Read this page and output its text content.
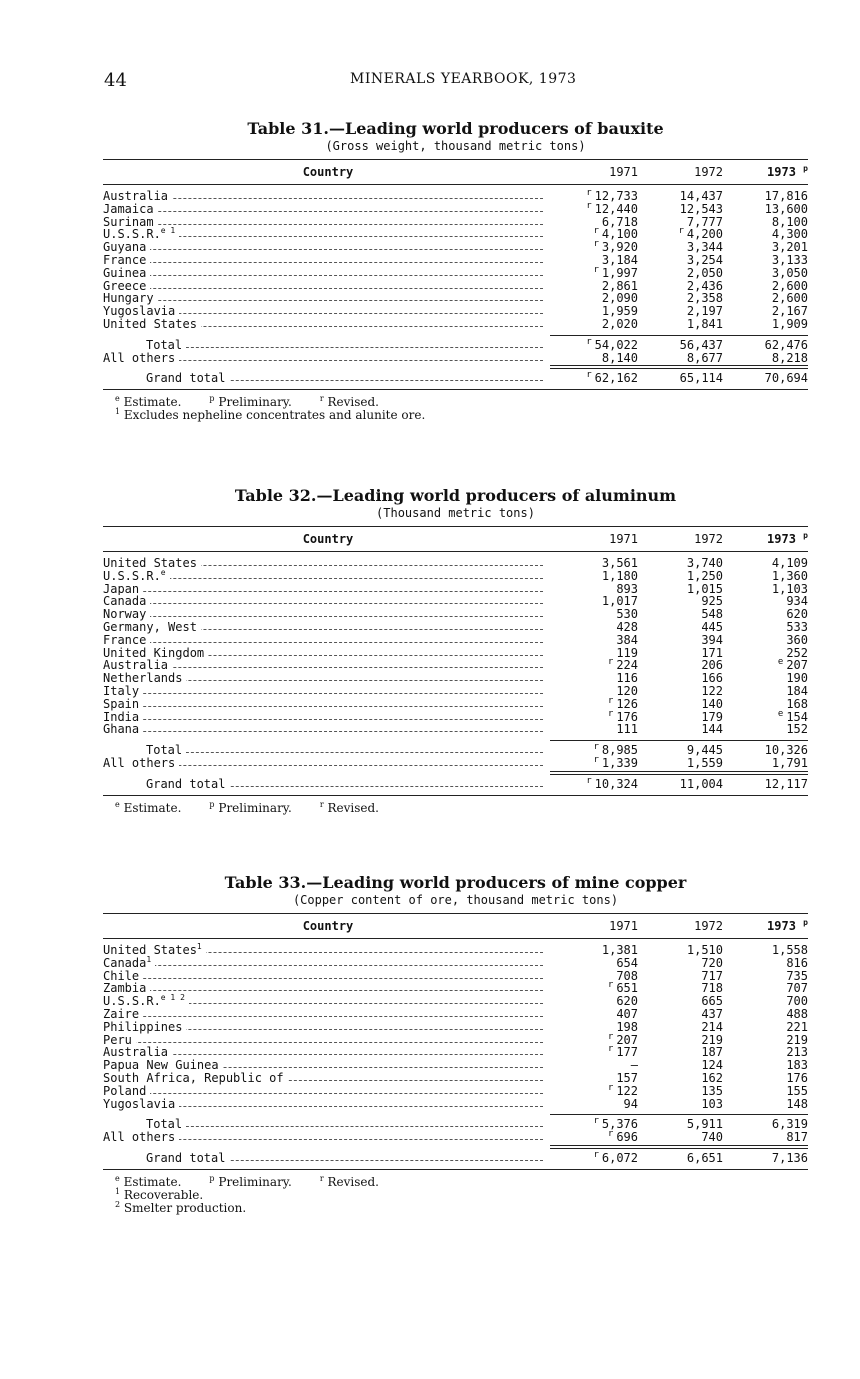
44	MINERALS YEARBOOK, 1973
Table 31.—Leading world producers of bauxite
(Gross weight, thousand metric tons)
Country	1971	1972	1973 $^p$
Australia	$^r$ 12,733	14,437	17,816
Jamaica	$^r$ 12,440	12,543	13,600
Surinam	6,718	7,777	8,100
U.S.S.R.$^{e 1}$	$^r$ 4,100	$^r$ 4,200	4,300
Guyana	$^r$ 3,920	3,344	3,201
France	3,184	3,254	3,133
Guinea	$^r$ 1,997	2,050	3,050
Greece	2,861	2,436	2,600
Hungary	2,090	2,358	2,600
Yugoslavia	1,959	2,197	2,167
United States	2,020	1,841	1,909
Total	$^r$ 54,022	56,437	62,476
All others	8,140	8,677	8,218
Grand total	$^r$ 62,162	65,114	70,694
$^e$ Estimate.	$^p$ Preliminary.	$^r$ Revised.
$^1$ Excludes nepheline concentrates and alunite ore.
Table 32.—Leading world producers of aluminum
(Thousand metric tons)
Country	1971	1972	1973 $^p$
United States	3,561	3,740	4,109
U.S.S.R.$^e$	1,180	1,250	1,360
Japan	893	1,015	1,103
Canada	1,017	925	934
Norway	530	548	620
Germany, West	428	445	533
France	384	394	360
United Kingdom	119	171	252
Australia	$^r$ 224	206	$^e$ 207
Netherlands	116	166	190
Italy	120	122	184
Spain	$^r$ 126	140	168
India	$^r$ 176	179	$^e$ 154
Ghana	111	144	152
Total	$^r$ 8,985	9,445	10,326
All others	$^r$ 1,339	1,559	1,791
Grand total	$^r$ 10,324	11,004	12,117
$^e$ Estimate.	$^p$ Preliminary.	$^r$ Revised.
Table 33.—Leading world producers of mine copper
(Copper content of ore, thousand metric tons)
Country	1971	1972	1973 $^p$
United States$^1$	1,381	1,510	1,558
Canada$^1$	654	720	816
Chile	708	717	735
Zambia	$^r$ 651	718	707
U.S.S.R.$^{e 1 2}$	620	665	700
Zaire	407	437	488
Philippines	198	214	221
Peru	$^r$ 207	219	219
Australia	$^r$ 177	187	213
Papua New Guinea	—	124	183
South Africa, Republic of	157	162	176
Poland	$^r$ 122	135	155
Yugoslavia	94	103	148
Total	$^r$ 5,376	5,911	6,319
All others	$^r$ 696	740	817
Grand total	$^r$ 6,072	6,651	7,136
$^e$ Estimate.	$^p$ Preliminary.	$^r$ Revised.
$^1$ Recoverable.
$^2$ Smelter production.
